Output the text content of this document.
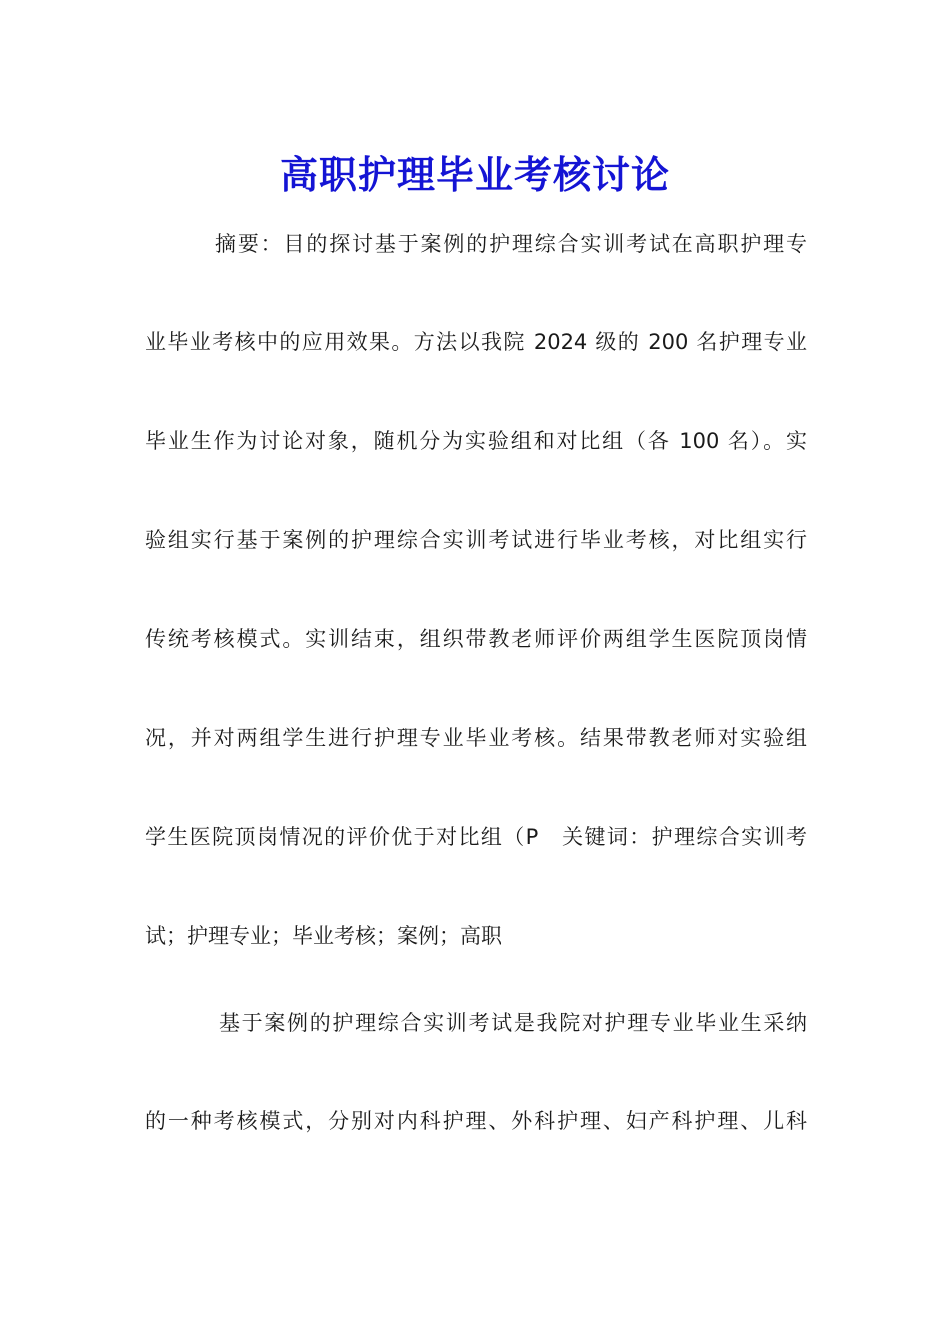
高职护理毕业考核讨论
摘要：目的探讨基于案例的护理综合实训考试在高职护理专
业毕业考核中的应用效果。方法以我院 2024 级的 200 名护理专业
毕业生作为讨论对象，随机分为实验组和对比组（各 100 名）。实
验组实行基于案例的护理综合实训考试进行毕业考核，对比组实行
传统考核模式。实训结束，组织带教老师评价两组学生医院顶岗情
况，并对两组学生进行护理专业毕业考核。结果带教老师对实验组
学生医院顶岗情况的评价优于对比组（P　关键词：护理综合实训考
试；护理专业；毕业考核；案例；高职
基于案例的护理综合实训考试是我院对护理专业毕业生采纳
的一种考核模式，分别对内科护理、外科护理、妇产科护理、儿科
